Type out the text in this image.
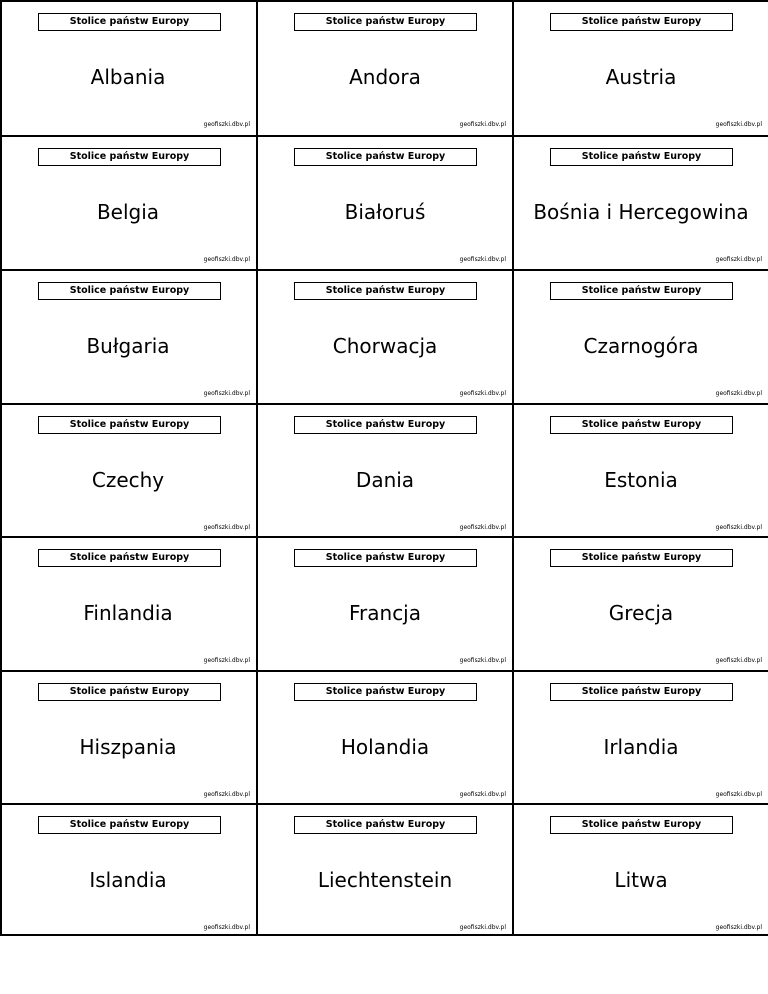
Stolice państw Europy
Albania
geofiszki.dbv.pl
Stolice państw Europy
Andora
geofiszki.dbv.pl
Stolice państw Europy
Austria
geofiszki.dbv.pl
Stolice państw Europy
Belgia
geofiszki.dbv.pl
Stolice państw Europy
Białoruś
geofiszki.dbv.pl
Stolice państw Europy
Bośnia i Hercegowina
geofiszki.dbv.pl
Stolice państw Europy
Bułgaria
geofiszki.dbv.pl
Stolice państw Europy
Chorwacja
geofiszki.dbv.pl
Stolice państw Europy
Czarnogóra
geofiszki.dbv.pl
Stolice państw Europy
Czechy
geofiszki.dbv.pl
Stolice państw Europy
Dania
geofiszki.dbv.pl
Stolice państw Europy
Estonia
geofiszki.dbv.pl
Stolice państw Europy
Finlandia
geofiszki.dbv.pl
Stolice państw Europy
Francja
geofiszki.dbv.pl
Stolice państw Europy
Grecja
geofiszki.dbv.pl
Stolice państw Europy
Hiszpania
geofiszki.dbv.pl
Stolice państw Europy
Holandia
geofiszki.dbv.pl
Stolice państw Europy
Irlandia
geofiszki.dbv.pl
Stolice państw Europy
Islandia
geofiszki.dbv.pl
Stolice państw Europy
Liechtenstein
geofiszki.dbv.pl
Stolice państw Europy
Litwa
geofiszki.dbv.pl
